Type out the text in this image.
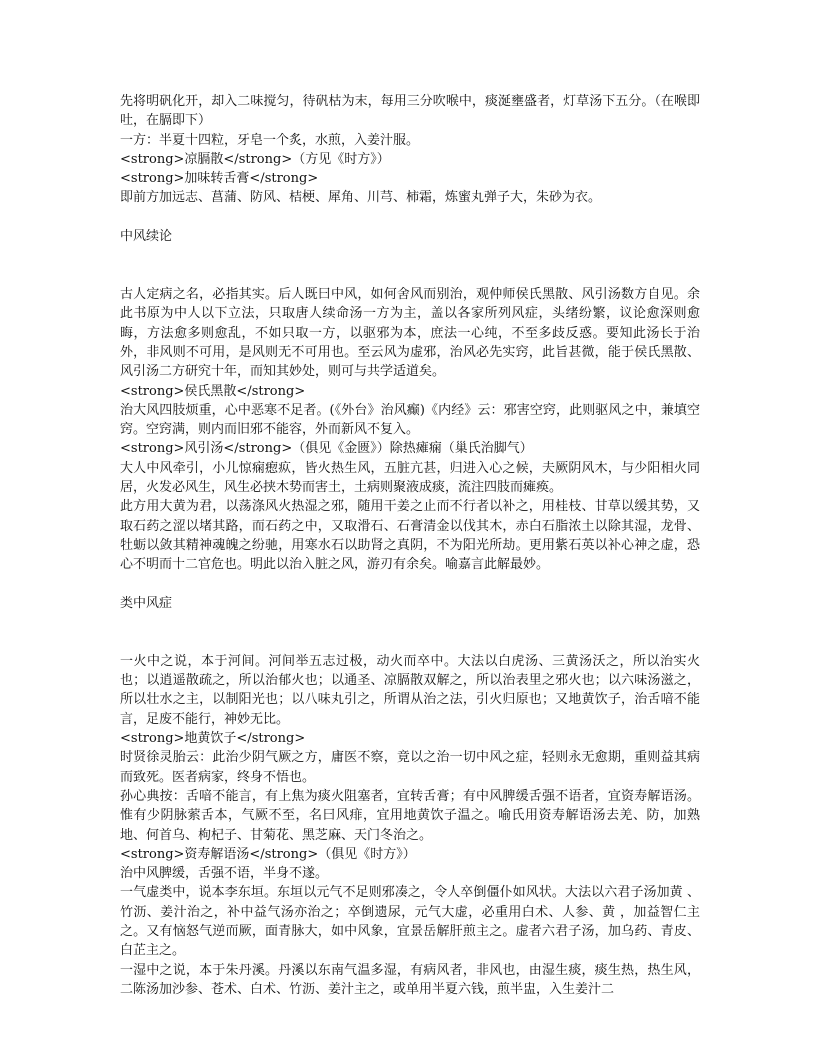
先将明矾化开，却入二味搅匀，待矾枯为末，每用三分吹喉中，痰涎壅盛者，灯草汤下五分。（在喉即吐，在膈即下）

一方：半夏十四粒，牙皂一个炙，水煎，入姜汁服。

<strong>凉膈散</strong>（方见《时方》）

<strong>加味转舌膏</strong>

即前方加远志、菖蒲、防风、桔梗、犀角、川芎、柿霜，炼蜜丸弹子大，朱砂为衣。

中风续论

古人定病之名，必指其实。后人既曰中风，如何舍风而别治，观仲师侯氏黑散、风引汤数方自见。余此书原为中人以下立法，只取唐人续命汤一方为主，盖以各家所列风症，头绪纷繁，议论愈深则愈晦，方法愈多则愈乱，不如只取一方，以驱邪为本，庶法一心纯，不至多歧反惑。要知此汤长于治外，非风则不可用，是风则无不可用也。至云风为虚邪，治风必先实窍，此旨甚微，能于侯氏黑散、风引汤二方研究十年，而知其妙处，则可与共学适道矣。

<strong>侯氏黑散</strong>

治大风四肢烦重，心中恶寒不足者。(《外台》治风癫)《内经》云：邪害空窍，此则驱风之中，兼填空窍。空窍满，则内而旧邪不能容，外而新风不复入。

<strong>风引汤</strong>（俱见《金匮》）除热瘫痫（巢氏治脚气）

大人中风牵引，小儿惊痫瘛疭，皆火热生风，五脏亢甚，归进入心之候，夫厥阴风木，与少阳相火同居，火发必风生，风生必挟木势而害土，土病则聚液成痰，流注四肢而瘫痪。

此方用大黄为君，以荡涤风火热湿之邪，随用干姜之止而不行者以补之，用桂枝、甘草以缓其势，又取石药之涩以堵其路，而石药之中，又取滑石、石膏清金以伐其木，赤白石脂浓土以除其湿，龙骨、牡蛎以敛其精神魂魄之纷驰，用寒水石以助肾之真阴，不为阳光所劫。更用紫石英以补心神之虚，恐心不明而十二官危也。明此以治入脏之风，游刃有余矣。喻嘉言此解最妙。

类中风症

一火中之说，本于河间。河间举五志过极，动火而卒中。大法以白虎汤、三黄汤沃之，所以治实火也；以逍遥散疏之，所以治郁火也；以通圣、凉膈散双解之，所以治表里之邪火也；以六味汤滋之，所以壮水之主，以制阳光也；以八味丸引之，所谓从治之法，引火归原也；又地黄饮子，治舌喑不能言，足废不能行，神妙无比。

<strong>地黄饮子</strong>

时贤徐灵胎云：此治少阴气厥之方，庸医不察，竟以之治一切中风之症，轻则永无愈期，重则益其病而致死。医者病家，终身不悟也。

孙心典按：舌喑不能言，有上焦为痰火阻塞者，宜转舌膏；有中风脾缓舌强不语者，宜资寿解语汤。惟有少阴脉萦舌本，气厥不至，名曰风痱，宜用地黄饮子温之。喻氏用资寿解语汤去羌、防，加熟地、何首乌、枸杞子、甘菊花、黑芝麻、天门冬治之。

<strong>资寿解语汤</strong>（俱见《时方》）

治中风脾缓，舌强不语，半身不遂。

一气虚类中，说本李东垣。东垣以元气不足则邪凑之，令人卒倒僵仆如风状。大法以六君子汤加黄 、竹沥、姜汁治之，补中益气汤亦治之；卒倒遗尿，元气大虚，必重用白术、人参、黄 ，加益智仁主之。又有恼怒气逆而厥，面青脉大，如中风象，宜景岳解肝煎主之。虚者六君子汤，加乌药、青皮、白芷主之。

一湿中之说，本于朱丹溪。丹溪以东南气温多湿，有病风者，非风也，由湿生痰，痰生热，热生风，二陈汤加沙参、苍术、白术、竹沥、姜汁主之，或单用半夏六钱，煎半盅，入生姜汁二
